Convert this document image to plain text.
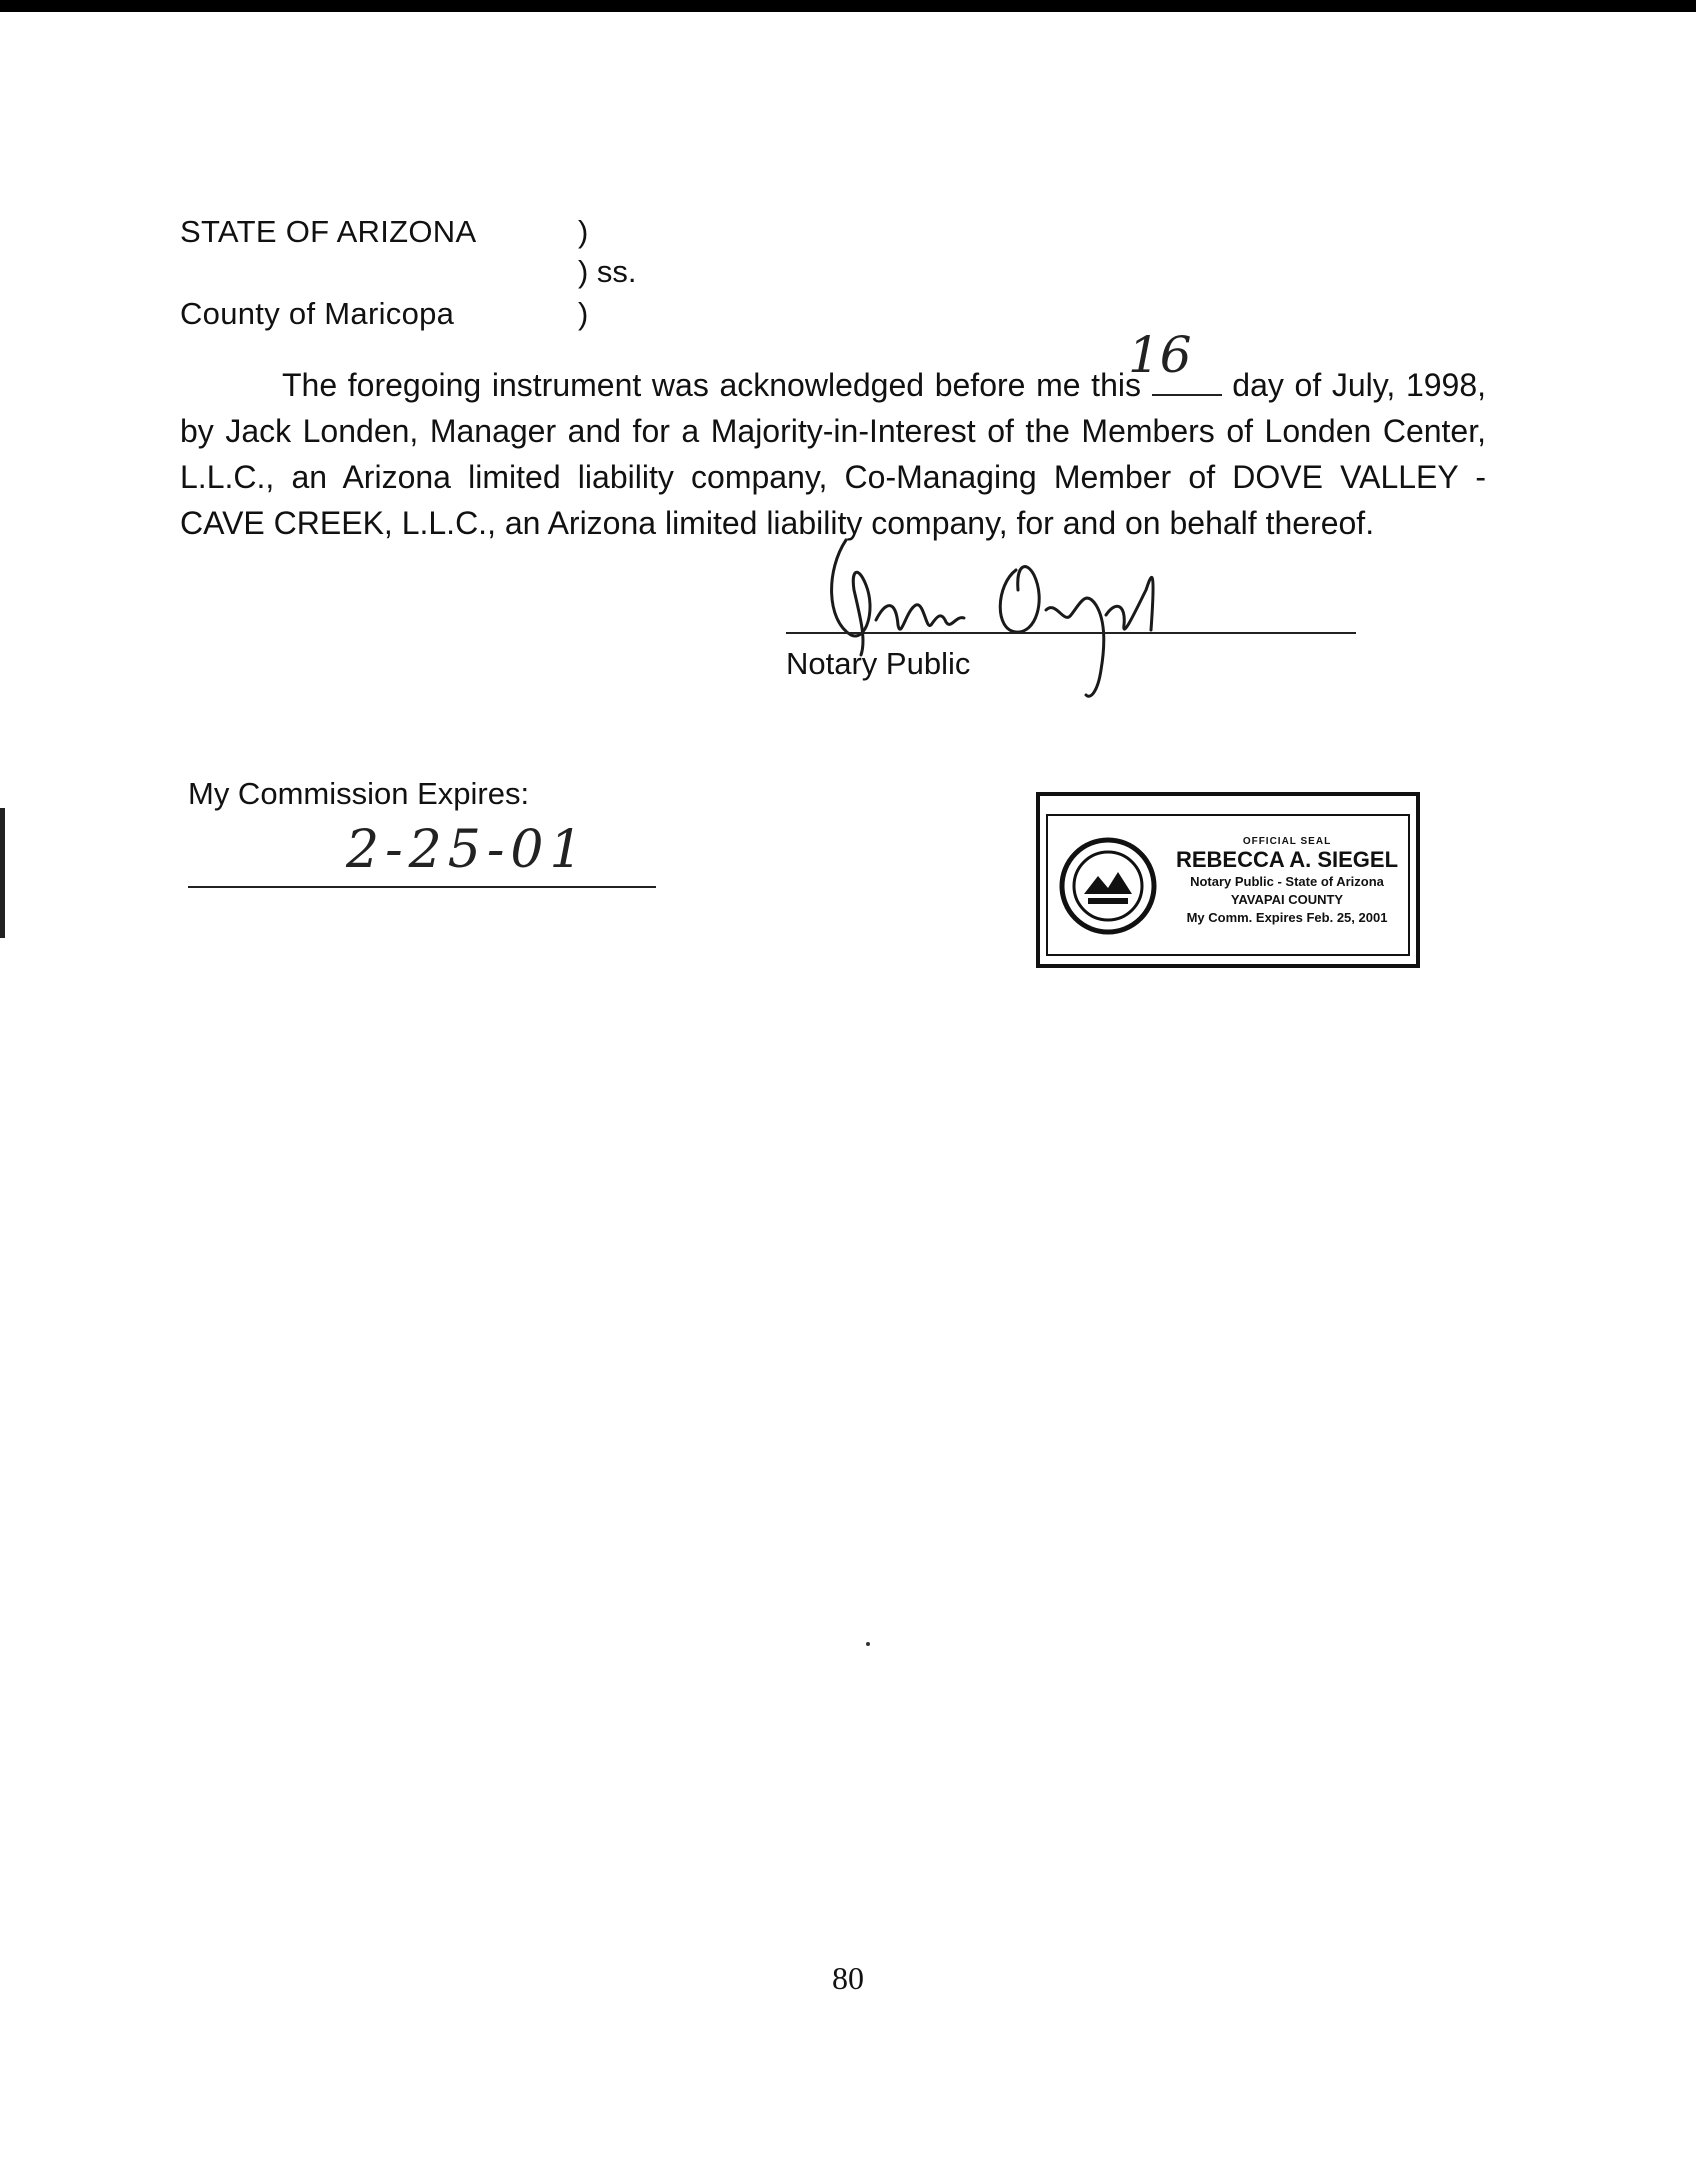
STATE OF ARIZONA
County of Maricopa
)
) ss.
)
The foregoing instrument was acknowledged before me this	day of July, 1998, by Jack Londen, Manager and for a Majority-in-Interest of the Members of Londen Center, L.L.C., an Arizona limited liability company, Co-Managing Member of DOVE VALLEY - CAVE CREEK, L.L.C., an Arizona limited liability company, for and on behalf thereof.
16
Notary Public
My Commission Expires:
2-25-01	OFFICIAL SEAL
REBECCA A. SIEGEL
Notary Public - State of Arizona
YAVAPAI COUNTY
My Comm. Expires Feb. 25, 2001
80
